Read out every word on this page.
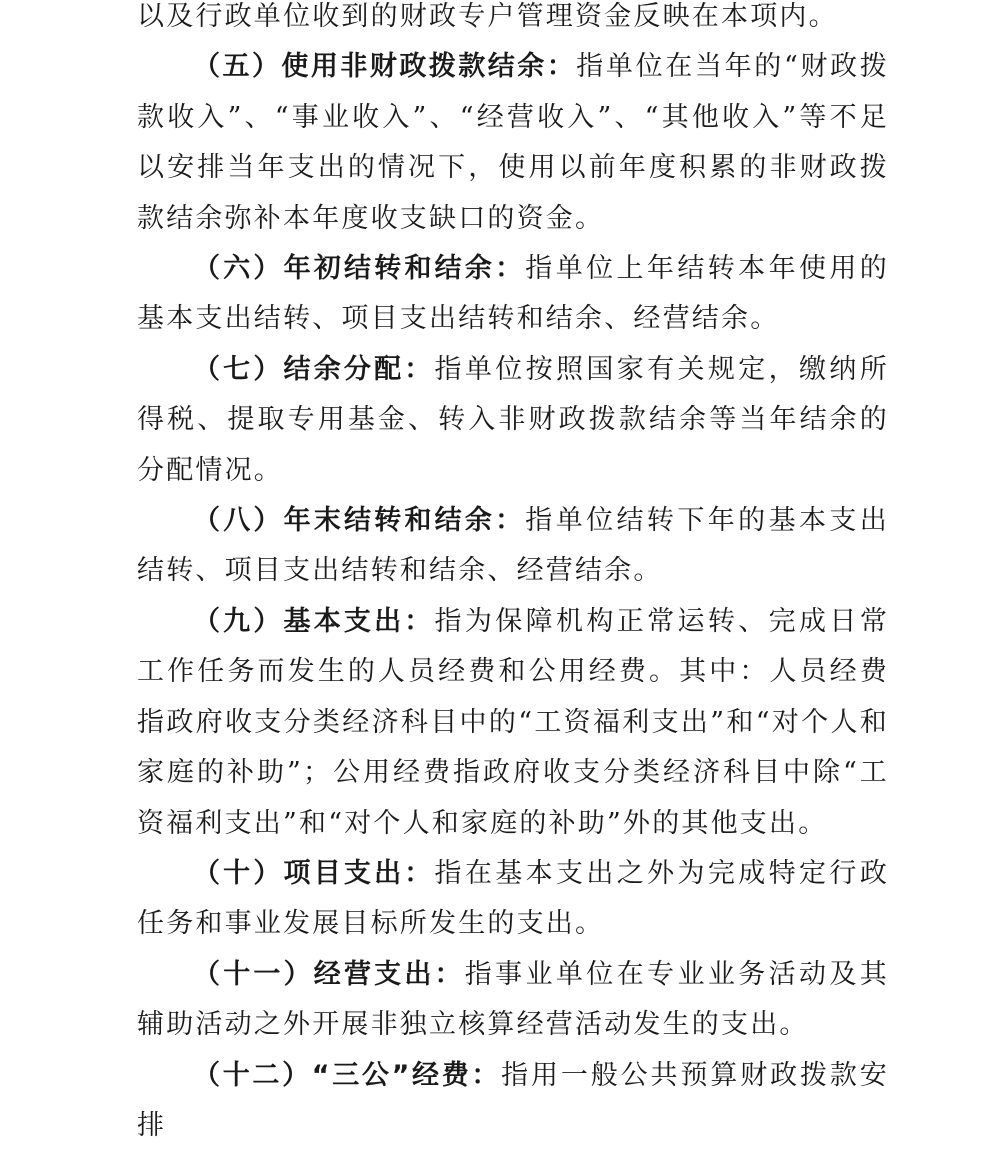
以及行政单位收到的财政专户管理资金反映在本项内。

（五）使用非财政拨款结余：指单位在当年的“财政拨款收入”、“事业收入”、“经营收入”、“其他收入”等不足以安排当年支出的情况下，使用以前年度积累的非财政拨款结余弥补本年度收支缺口的资金。

（六）年初结转和结余：指单位上年结转本年使用的基本支出结转、项目支出结转和结余、经营结余。

（七）结余分配：指单位按照国家有关规定，缴纳所得税、提取专用基金、转入非财政拨款结余等当年结余的分配情况。

（八）年末结转和结余：指单位结转下年的基本支出结转、项目支出结转和结余、经营结余。

（九）基本支出：指为保障机构正常运转、完成日常工作任务而发生的人员经费和公用经费。其中：人员经费指政府收支分类经济科目中的“工资福利支出”和“对个人和家庭的补助”；公用经费指政府收支分类经济科目中除“工资福利支出”和“对个人和家庭的补助”外的其他支出。

（十）项目支出：指在基本支出之外为完成特定行政任务和事业发展目标所发生的支出。

（十一）经营支出：指事业单位在专业业务活动及其辅助活动之外开展非独立核算经营活动发生的支出。

（十二）“三公”经费：指用一般公共预算财政拨款安排
